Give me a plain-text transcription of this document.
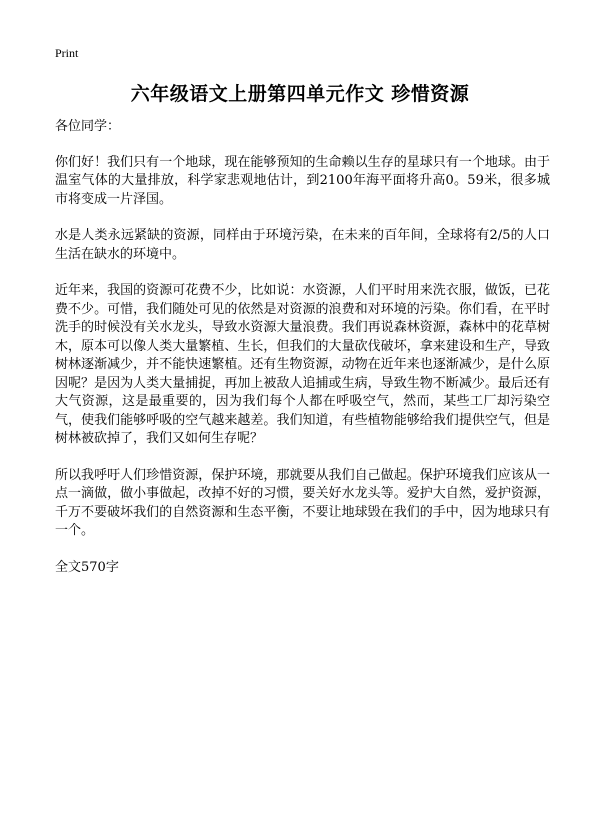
Print
六年级语文上册第四单元作文 珍惜资源

各位同学：

你们好！我们只有一个地球，现在能够预知的生命赖以生存的星球只有一个地球。由于温室气体的大量排放，科学家悲观地估计，到2100年海平面将升高0。59米，很多城市将变成一片泽国。

水是人类永远紧缺的资源，同样由于环境污染，在未来的百年间，全球将有2/5的人口生活在缺水的环境中。

近年来，我国的资源可花费不少，比如说：水资源，人们平时用来洗衣服，做饭，已花费不少。可惜，我们随处可见的依然是对资源的浪费和对环境的污染。你们看，在平时洗手的时候没有关水龙头，导致水资源大量浪费。我们再说森林资源，森林中的花草树木，原本可以像人类大量繁植、生长，但我们的大量砍伐破坏，拿来建设和生产，导致树林逐渐减少，并不能快速繁植。还有生物资源，动物在近年来也逐渐减少，是什么原因呢？是因为人类大量捕捉，再加上被敌人追捕或生病，导致生物不断减少。最后还有大气资源，这是最重要的，因为我们每个人都在呼吸空气，然而，某些工厂却污染空气，使我们能够呼吸的空气越来越差。我们知道，有些植物能够给我们提供空气，但是树林被砍掉了，我们又如何生存呢？

所以我呼吁人们珍惜资源，保护环境，那就要从我们自己做起。保护环境我们应该从一点一滴做，做小事做起，改掉不好的习惯，要关好水龙头等。爱护大自然，爱护资源，千万不要破坏我们的自然资源和生态平衡，不要让地球毁在我们的手中，因为地球只有一个。

全文570字
